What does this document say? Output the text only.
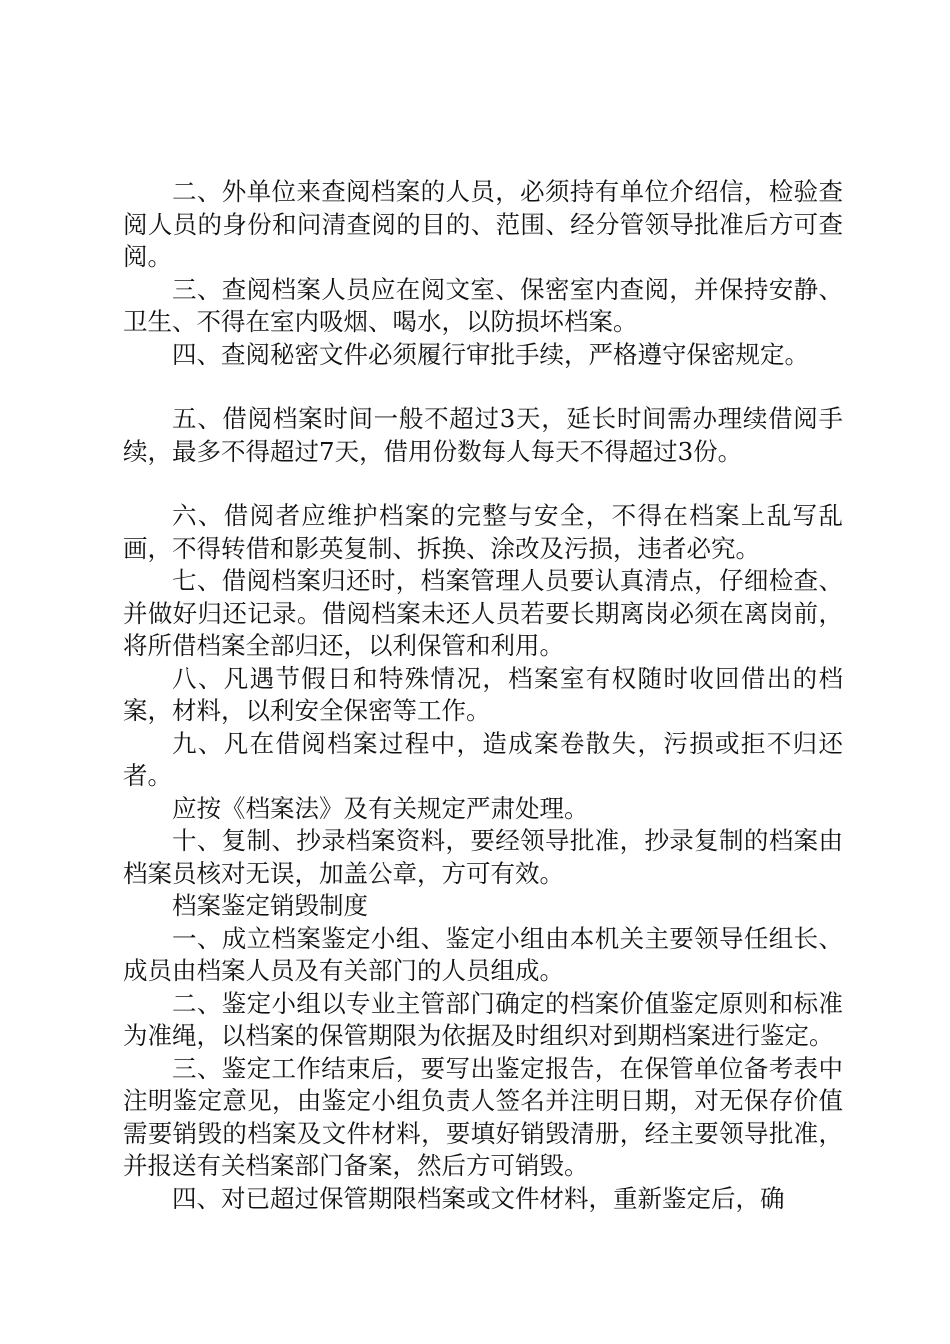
二、外单位来查阅档案的人员，必须持有单位介绍信，检验查阅人员的身份和问清查阅的目的、范围、经分管领导批准后方可查阅。

三、查阅档案人员应在阅文室、保密室内查阅，并保持安静、卫生、不得在室内吸烟、喝水，以防损坏档案。

四、查阅秘密文件必须履行审批手续，严格遵守保密规定。

五、借阅档案时间一般不超过3天，延长时间需办理续借阅手续，最多不得超过7天，借用份数每人每天不得超过3份。

六、借阅者应维护档案的完整与安全，不得在档案上乱写乱画，不得转借和影英复制、拆换、涂改及污损，违者必究。

七、借阅档案归还时，档案管理人员要认真清点，仔细检查、并做好归还记录。借阅档案未还人员若要长期离岗必须在离岗前，将所借档案全部归还，以利保管和利用。

八、凡遇节假日和特殊情况，档案室有权随时收回借出的档案，材料，以利安全保密等工作。

九、凡在借阅档案过程中，造成案卷散失，污损或拒不归还者。

应按《档案法》及有关规定严肃处理。

十、复制、抄录档案资料，要经领导批准，抄录复制的档案由档案员核对无误，加盖公章，方可有效。

档案鉴定销毁制度

一、成立档案鉴定小组、鉴定小组由本机关主要领导任组长、成员由档案人员及有关部门的人员组成。

二、鉴定小组以专业主管部门确定的档案价值鉴定原则和标准为准绳，以档案的保管期限为依据及时组织对到期档案进行鉴定。

三、鉴定工作结束后，要写出鉴定报告，在保管单位备考表中注明鉴定意见，由鉴定小组负责人签名并注明日期，对无保存价值需要销毁的档案及文件材料，要填好销毁清册，经主要领导批准，并报送有关档案部门备案，然后方可销毁。

四、对已超过保管期限档案或文件材料，重新鉴定后，确
